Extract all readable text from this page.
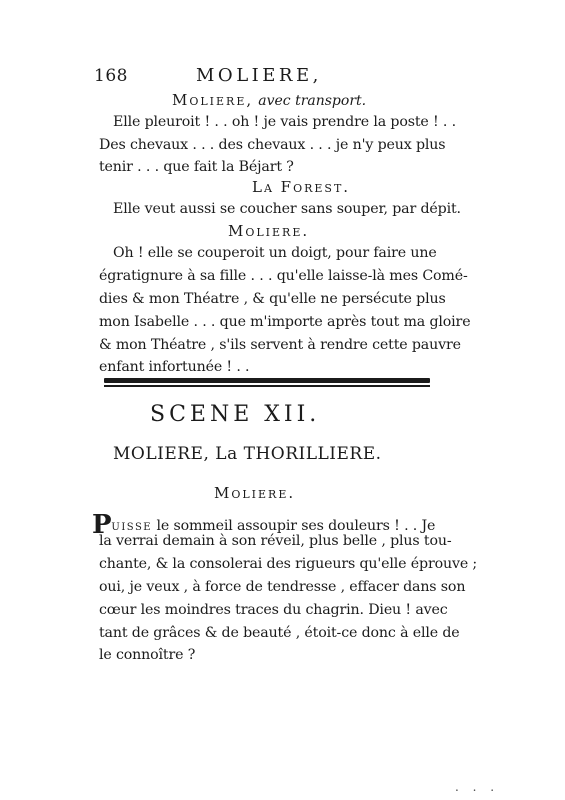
168	MOLIERE,
Moliere, avec transport.
Elle pleuroit ! . . oh ! je vais prendre la poste ! . .
Des chevaux . . . des chevaux . . . je n'y peux plus
tenir . . . que fait la Béjart ?
La Forest.
Elle veut aussi se coucher sans souper, par dépit.
Moliere.
Oh ! elle se couperoit un doigt, pour faire une
égratignure à sa fille . . . qu'elle laisse-là mes Comé-
dies & mon Théatre , & qu'elle ne persécute plus
mon Isabelle . . . que m'importe après tout ma gloire
& mon Théatre , s'ils servent à rendre cette pauvre
enfant infortunée ! . .
SCENE XII.
MOLIERE, La THORILLIERE.
Moliere.
Puisse le sommeil assoupir ses douleurs ! . . Je
la verrai demain à son réveil, plus belle , plus tou-
chante, & la consolerai des rigueurs qu'elle éprouve ;
oui, je veux , à force de tendresse , effacer dans son
cœur les moindres traces du chagrin. Dieu ! avec
tant de grâces & de beauté , étoit-ce donc à elle de
le connoître ?
. . .
